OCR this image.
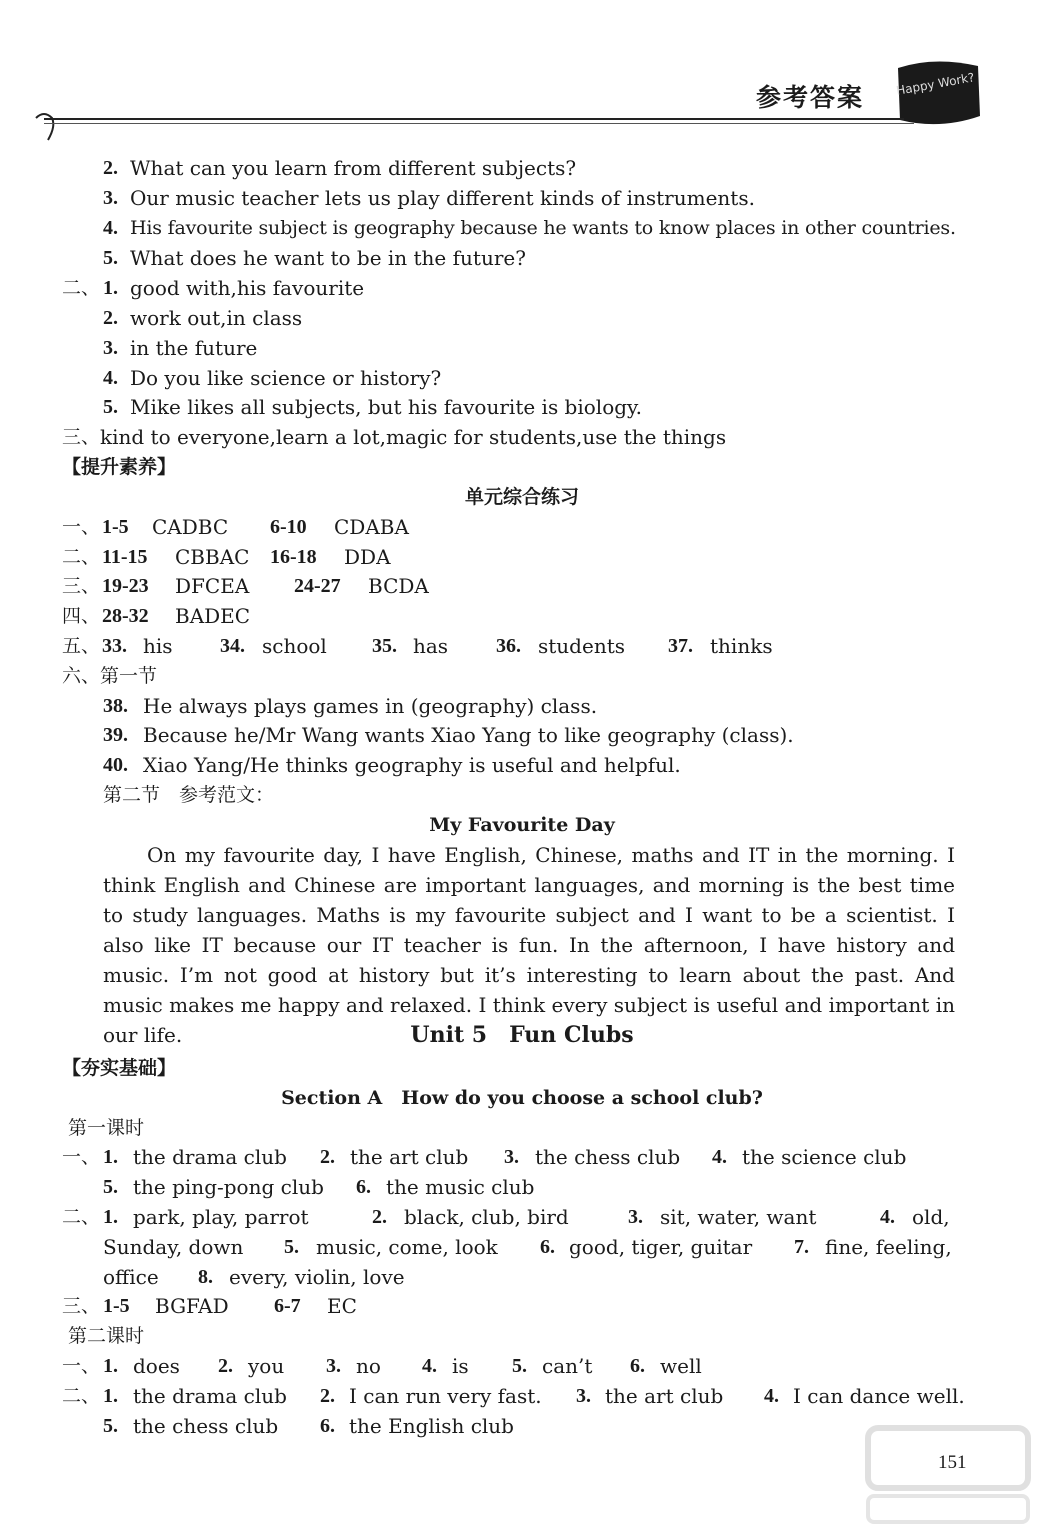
参考答案	Happy Work?
2. What can you learn from different subjects?
3. Our music teacher lets us play different kinds of instruments.
4. His favourite subject is geography because he wants to know places in other countries.
5. What does he want to be in the future?
二、 1. good with,his favourite
2. work out,in class
3. in the future
4. Do you like science or history?
5. Mike likes all subjects, but his favourite is biology.
三、 kind to everyone,learn a lot,magic for students,use the things
【提升素养】
单元综合练习
一、 1-5 CADBC 6-10 CDABA
二、 11-15 CBBAC 16-18 DDA
三、 19-23 DFCEA 24-27 BCDA
四、 28-32 BADEC
五、 33. his 34. school 35. has 36. students 37. thinks
六、第一节
38. He always plays games in (geography) class.
39. Because he/Mr Wang wants Xiao Yang to like geography (class).
40. Xiao Yang/He thinks geography is useful and helpful.
第二节　参考范文：
My Favourite Day
On my favourite day, I have English, Chinese, maths and IT in the morning. I think English and Chinese are important languages, and morning is the best time to study languages. Maths is my favourite subject and I want to be a scientist. I also like IT because our IT teacher is fun. In the afternoon, I have history and music. I’m not good at history but it’s interesting to learn about the past. And music makes me happy and relaxed. I think every subject is useful and important in our life.	Unit 5　Fun Clubs
【夯实基础】
Section A　How do you choose a school club?
第一课时
一、 1. the drama club 2. the art club 3. the chess club 4. the science club
5. the ping-pong club 6. the music club
二、 1. park, play, parrot	2. black, club, bird	3. sit, water, want	4. old,
Sunday, down 5. music, come, look 6. good, tiger, guitar 7. fine, feeling,
office 8. every, violin, love
三、 1-5 BGFAD 6-7 EC
第二课时
一、 1. does 2. you 3. no 4. is 5. can’t 6. well
二、 1. the drama club 2. I can run very fast. 3. the art club 4. I can dance well.
5. the chess club 6. the English club
151
